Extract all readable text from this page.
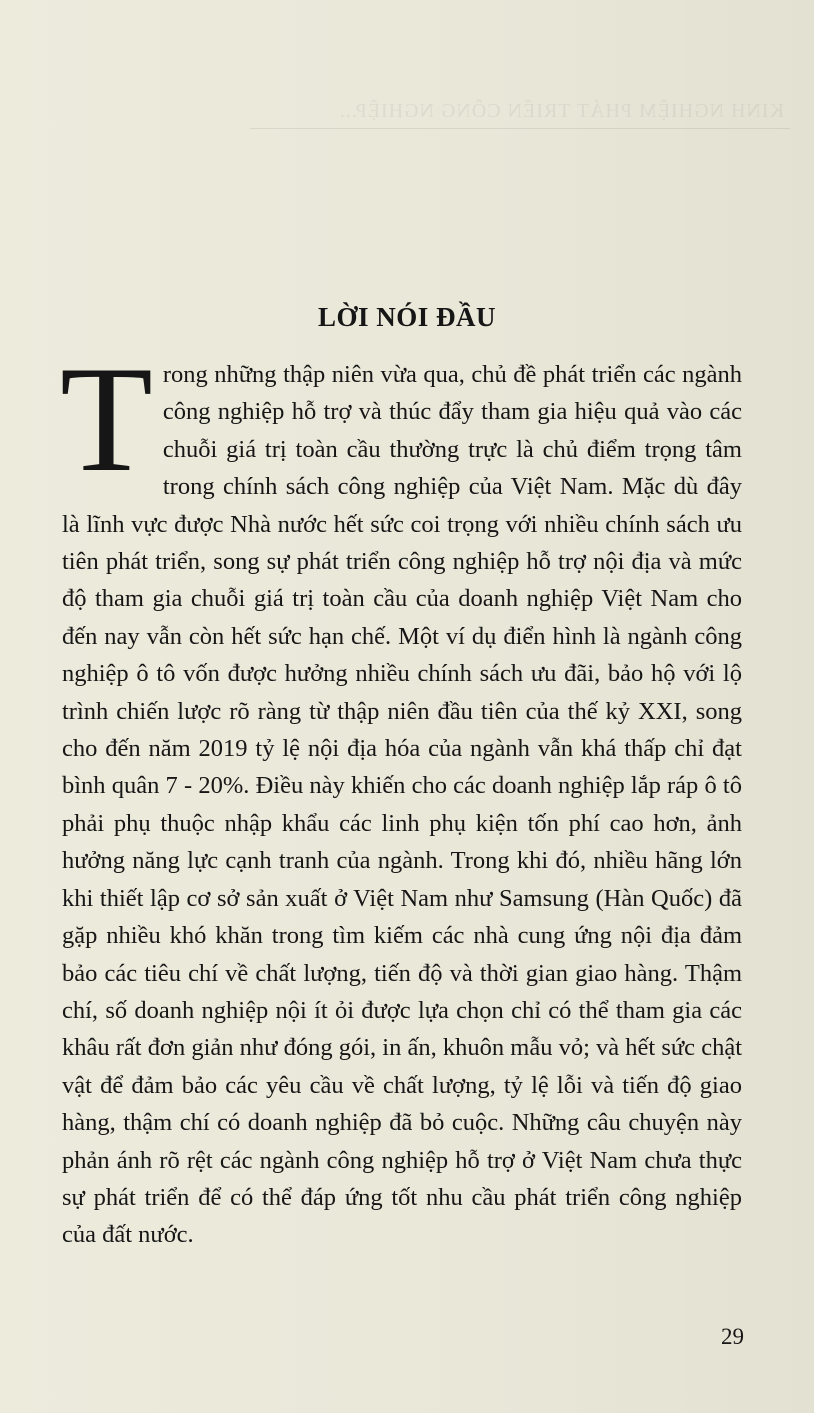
KINH NGHIỆM PHÁT TRIỂN CÔNG NGHIỆP...
LỜI NÓI ĐẦU

Trong những thập niên vừa qua, chủ đề phát triển các ngành công nghiệp hỗ trợ và thúc đẩy tham gia hiệu quả vào các chuỗi giá trị toàn cầu thường trực là chủ điểm trọng tâm trong chính sách công nghiệp của Việt Nam. Mặc dù đây là lĩnh vực được Nhà nước hết sức coi trọng với nhiều chính sách ưu tiên phát triển, song sự phát triển công nghiệp hỗ trợ nội địa và mức độ tham gia chuỗi giá trị toàn cầu của doanh nghiệp Việt Nam cho đến nay vẫn còn hết sức hạn chế. Một ví dụ điển hình là ngành công nghiệp ô tô vốn được hưởng nhiều chính sách ưu đãi, bảo hộ với lộ trình chiến lược rõ ràng từ thập niên đầu tiên của thế kỷ XXI, song cho đến năm 2019 tỷ lệ nội địa hóa của ngành vẫn khá thấp chỉ đạt bình quân 7 - 20%. Điều này khiến cho các doanh nghiệp lắp ráp ô tô phải phụ thuộc nhập khẩu các linh phụ kiện tốn phí cao hơn, ảnh hưởng năng lực cạnh tranh của ngành. Trong khi đó, nhiều hãng lớn khi thiết lập cơ sở sản xuất ở Việt Nam như Samsung (Hàn Quốc) đã gặp nhiều khó khăn trong tìm kiếm các nhà cung ứng nội địa đảm bảo các tiêu chí về chất lượng, tiến độ và thời gian giao hàng. Thậm chí, số doanh nghiệp nội ít ỏi được lựa chọn chỉ có thể tham gia các khâu rất đơn giản như đóng gói, in ấn, khuôn mẫu vỏ; và hết sức chật vật để đảm bảo các yêu cầu về chất lượng, tỷ lệ lỗi và tiến độ giao hàng, thậm chí có doanh nghiệp đã bỏ cuộc. Những câu chuyện này phản ánh rõ rệt các ngành công nghiệp hỗ trợ ở Việt Nam chưa thực sự phát triển để có thể đáp ứng tốt nhu cầu phát triển công nghiệp của đất nước.

29
